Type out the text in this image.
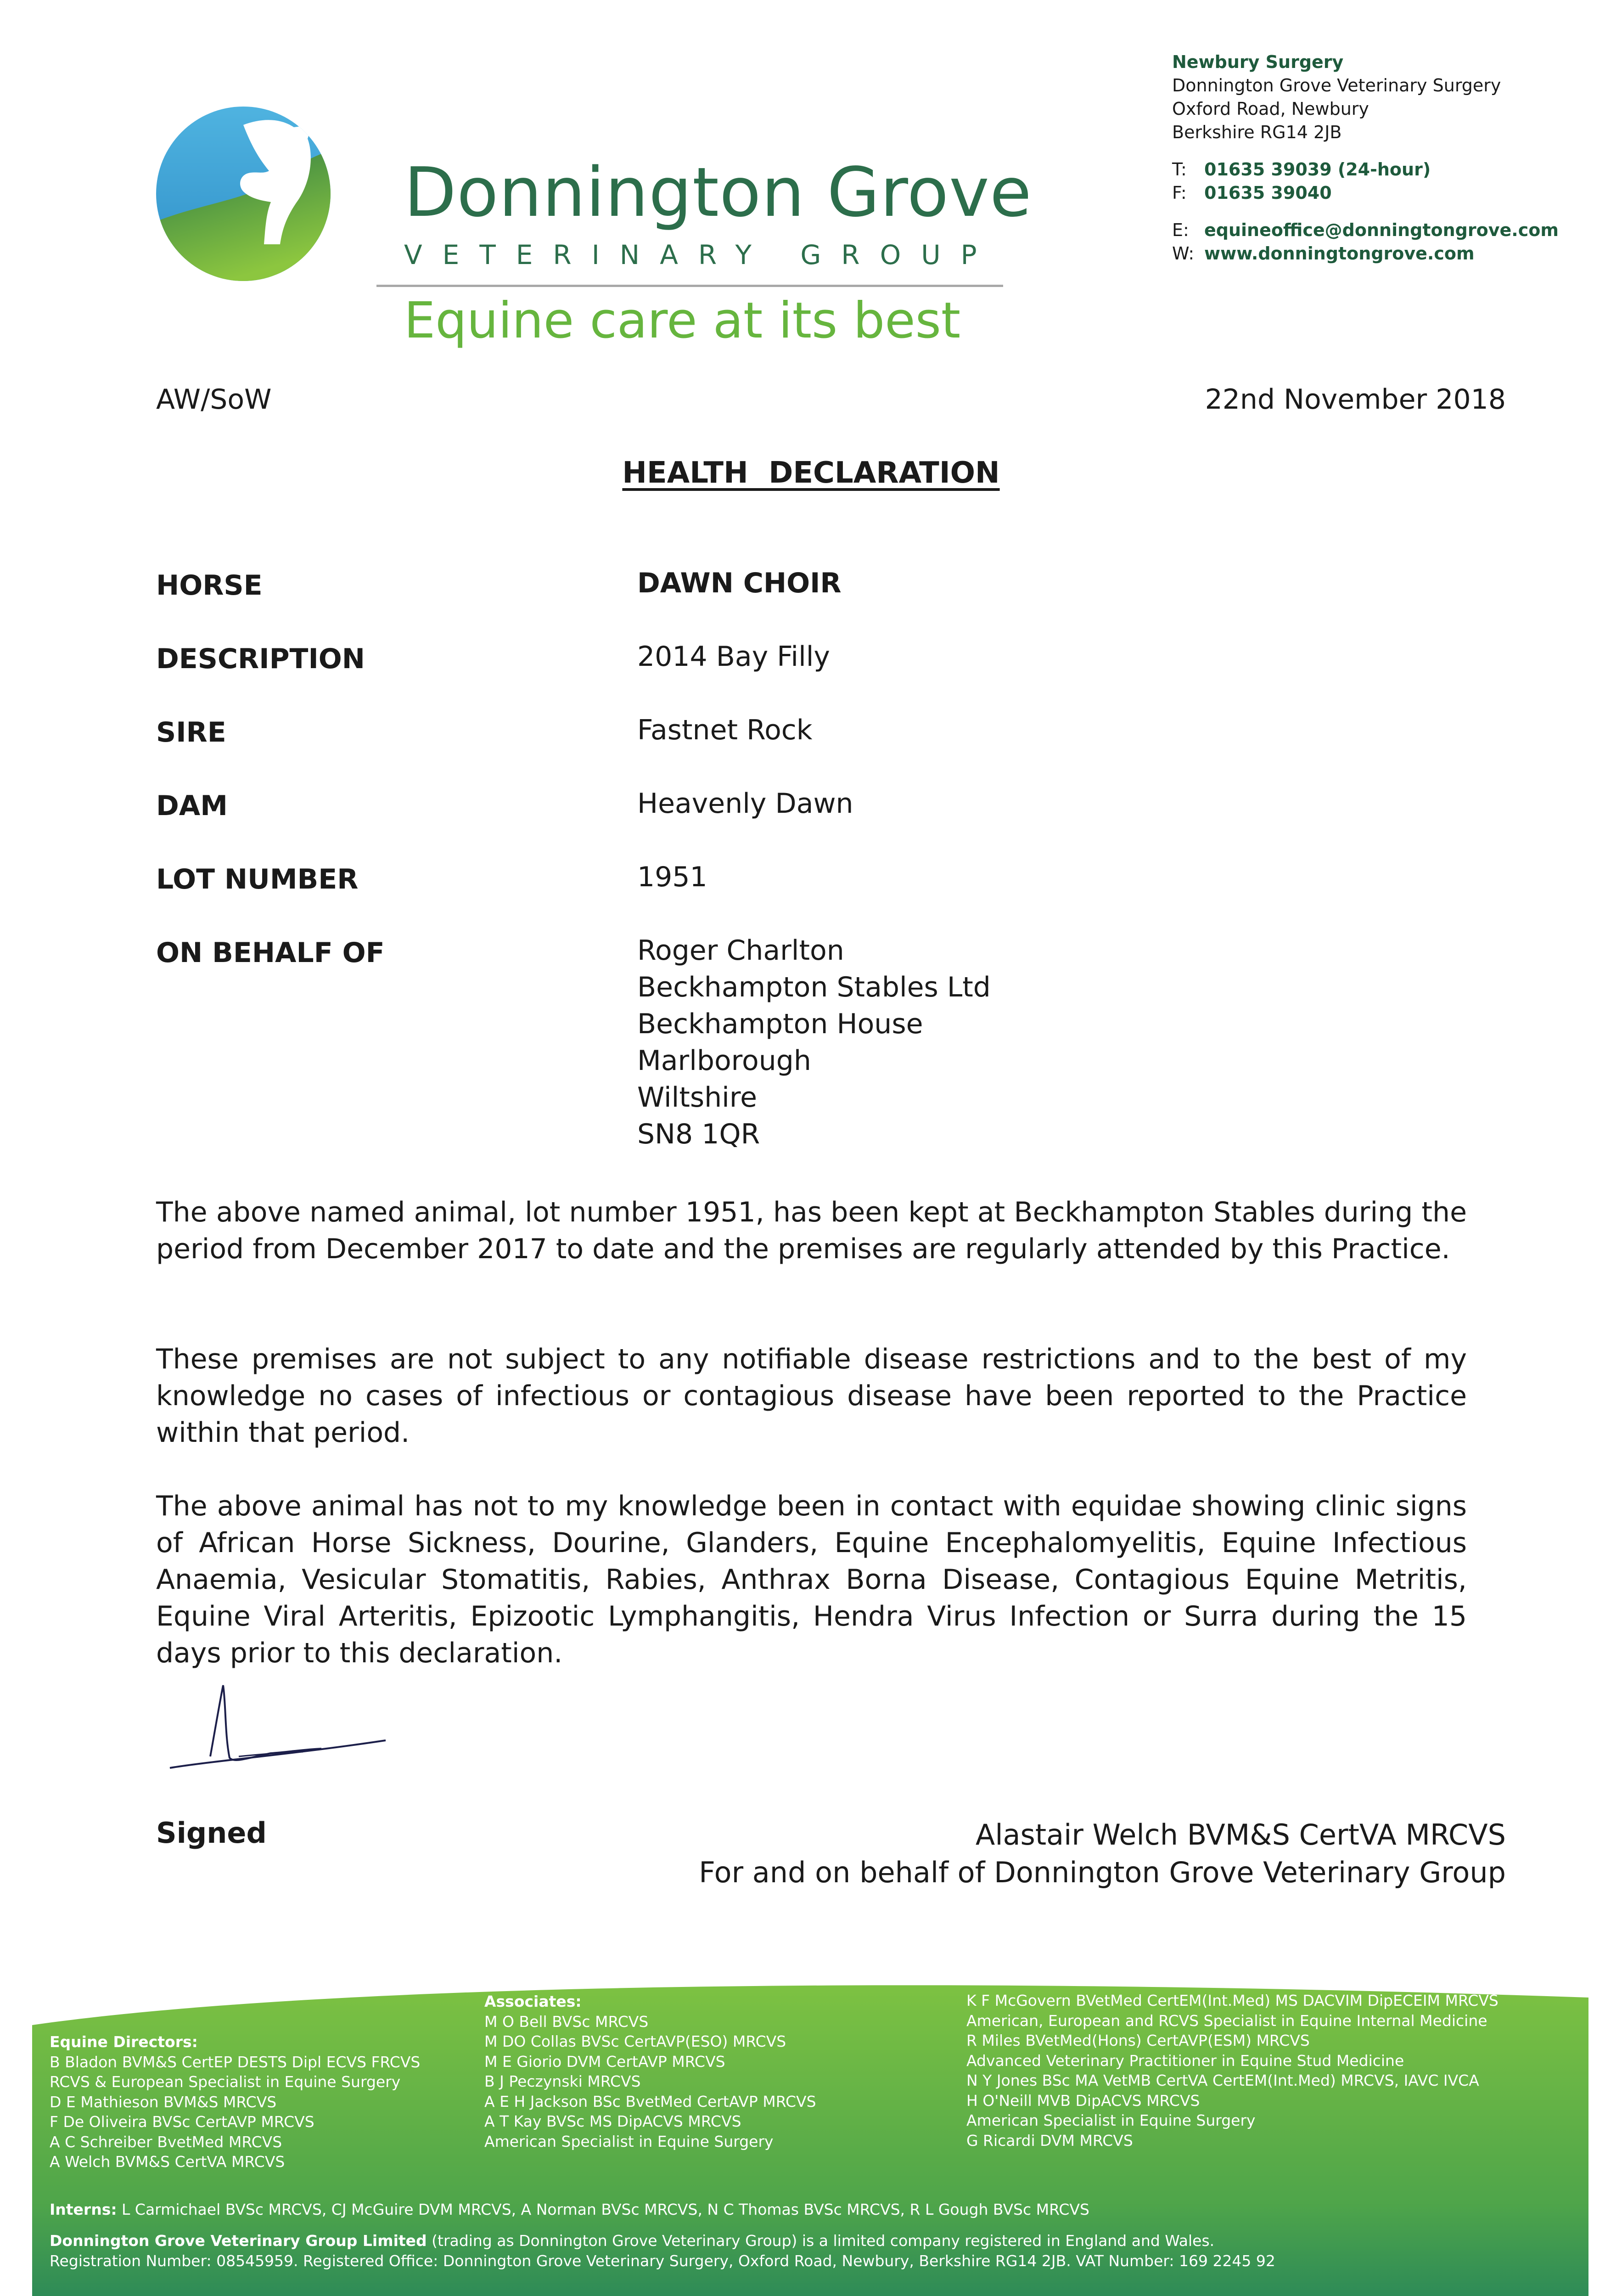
Donnington Grove
VETERINARY GROUP
Equine care at its best
Newbury Surgery
Donnington Grove Veterinary Surgery
Oxford Road, Newbury
Berkshire RG14 2JB
T:	01635 39039 (24-hour)
F:	01635 39040
E: equineoffice@donningtongrove.com
W: www.donningtongrove.com
AW/SoW	22nd November 2018
HEALTH  DECLARATION
HORSE	DAWN CHOIR
DESCRIPTION	2014 Bay Filly
SIRE	Fastnet Rock
DAM	Heavenly Dawn
LOT NUMBER	1951
ON BEHALF OF	Roger Charlton
Beckhampton Stables Ltd
Beckhampton House
Marlborough
Wiltshire
SN8 1QR
The above named animal, lot number 1951, has been kept at Beckhampton Stables during the period from December 2017 to date and the premises are regularly attended by this Practice.
These premises are not subject to any notifiable disease restrictions and to the best of my knowledge no cases of infectious or contagious disease have been reported to the Practice within that period.
The above animal has not to my knowledge been in contact with equidae showing clinic signs of African Horse Sickness, Dourine, Glanders, Equine Encephalomyelitis, Equine Infectious Anaemia, Vesicular Stomatitis, Rabies, Anthrax Borna Disease, Contagious Equine Metritis, Equine Viral Arteritis, Epizootic Lymphangitis, Hendra Virus Infection or Surra during the 15 days prior to this declaration.
Signed	Alastair Welch BVM&S CertVA MRCVS
For and on behalf of Donnington Grove Veterinary Group
Equine Directors:
B Bladon BVM&S CertEP DESTS Dipl ECVS FRCVS
RCVS & European Specialist in Equine Surgery
D E Mathieson BVM&S MRCVS
F De Oliveira BVSc CertAVP MRCVS
A C Schreiber BvetMed MRCVS
A Welch BVM&S CertVA MRCVS
Associates:
M O Bell BVSc MRCVS
M DO Collas BVSc CertAVP(ESO) MRCVS
M E Giorio DVM CertAVP MRCVS
B J Peczynski MRCVS
A E H Jackson BSc BvetMed CertAVP MRCVS
A T Kay BVSc MS DipACVS MRCVS
American Specialist in Equine Surgery
K F McGovern BVetMed CertEM(Int.Med) MS DACVIM DipECEIM MRCVS
American, European and RCVS Specialist in Equine Internal Medicine
R Miles BVetMed(Hons) CertAVP(ESM) MRCVS
Advanced Veterinary Practitioner in Equine Stud Medicine
N Y Jones BSc MA VetMB CertVA CertEM(Int.Med) MRCVS, IAVC IVCA
H O'Neill MVB DipACVS MRCVS
American Specialist in Equine Surgery
G Ricardi DVM MRCVS
Interns: L Carmichael BVSc MRCVS, CJ McGuire DVM MRCVS, A Norman BVSc MRCVS, N C Thomas BVSc MRCVS, R L Gough BVSc MRCVS
Donnington Grove Veterinary Group Limited (trading as Donnington Grove Veterinary Group) is a limited company registered in England and Wales.
Registration Number: 08545959. Registered Office: Donnington Grove Veterinary Surgery, Oxford Road, Newbury, Berkshire RG14 2JB. VAT Number: 169 2245 92
